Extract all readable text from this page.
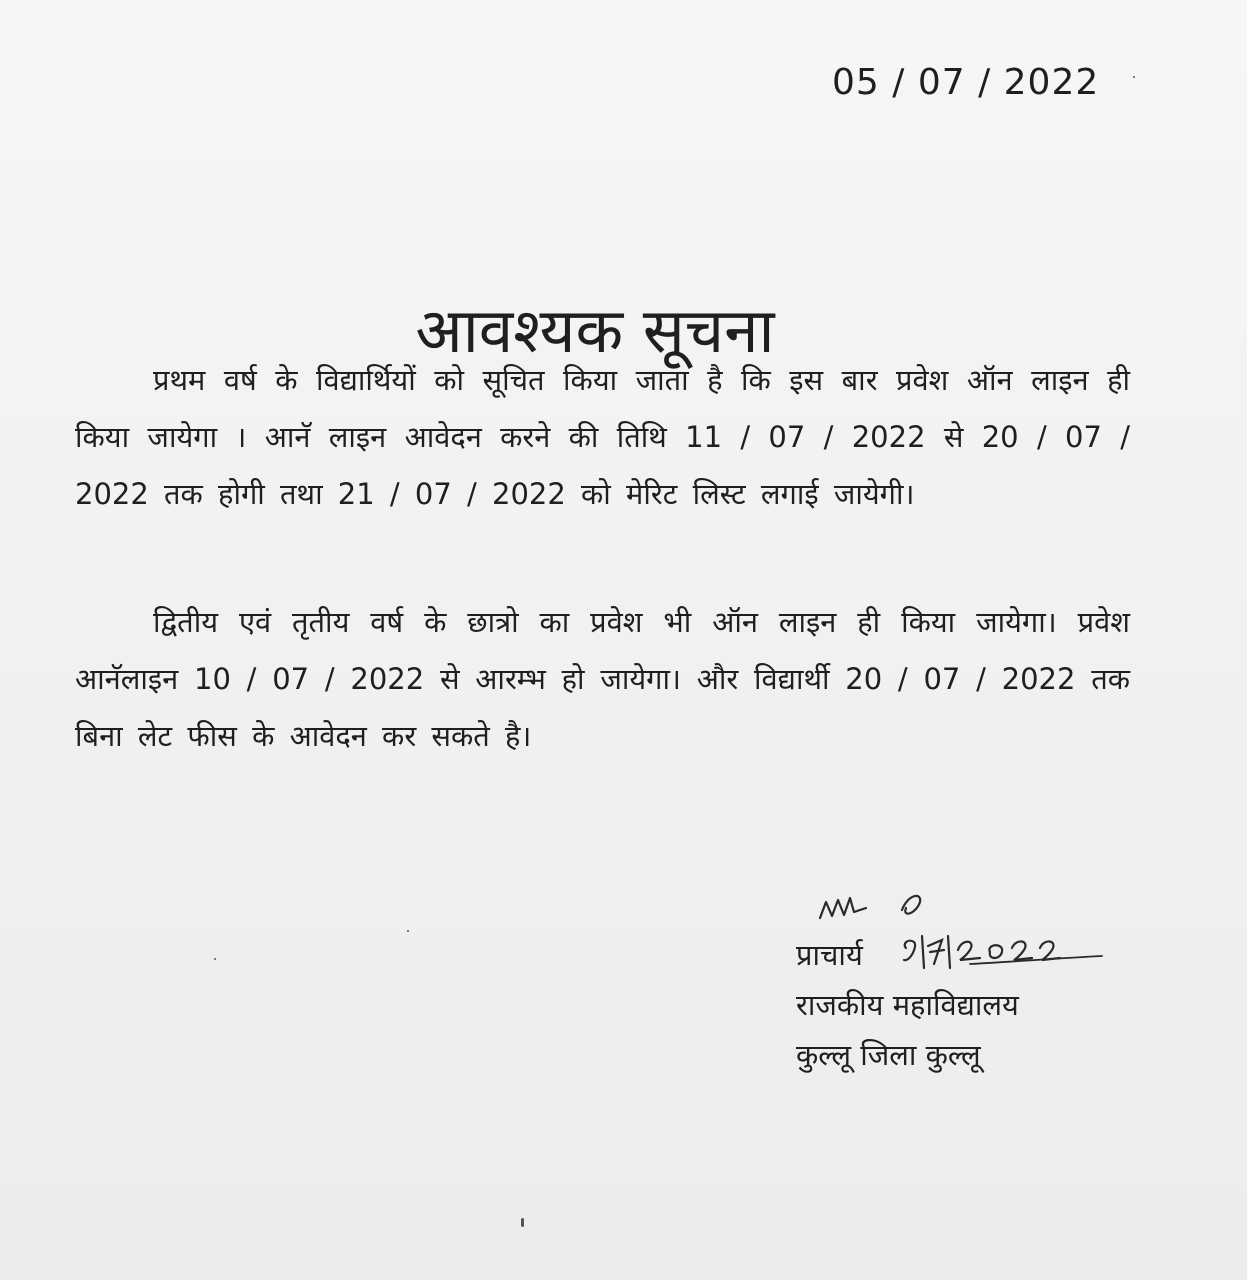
05 / 07 / 2022
आवश्यक सूचना

प्रथम वर्ष के विद्यार्थियों को सूचित किया जाता है कि इस बार प्रवेश ऑन लाइन ही किया जायेगा । आनॅ लाइन आवेदन करने की तिथि 11 / 07 / 2022 से 20 / 07 / 2022 तक होगी तथा 21 / 07 / 2022 को मेरिट लिस्ट लगाई जायेगी।

द्वितीय एवं तृतीय वर्ष के छात्रो का प्रवेश भी ऑन लाइन ही किया जायेगा। प्रवेश आनॅलाइन 10 / 07 / 2022 से आरम्भ हो जायेगा। और विद्यार्थी 20 / 07 / 2022 तक बिना लेट फीस के आवेदन कर सकते है।

प्राचार्य
राजकीय महाविद्यालय
कुल्लू जिला कुल्लू
